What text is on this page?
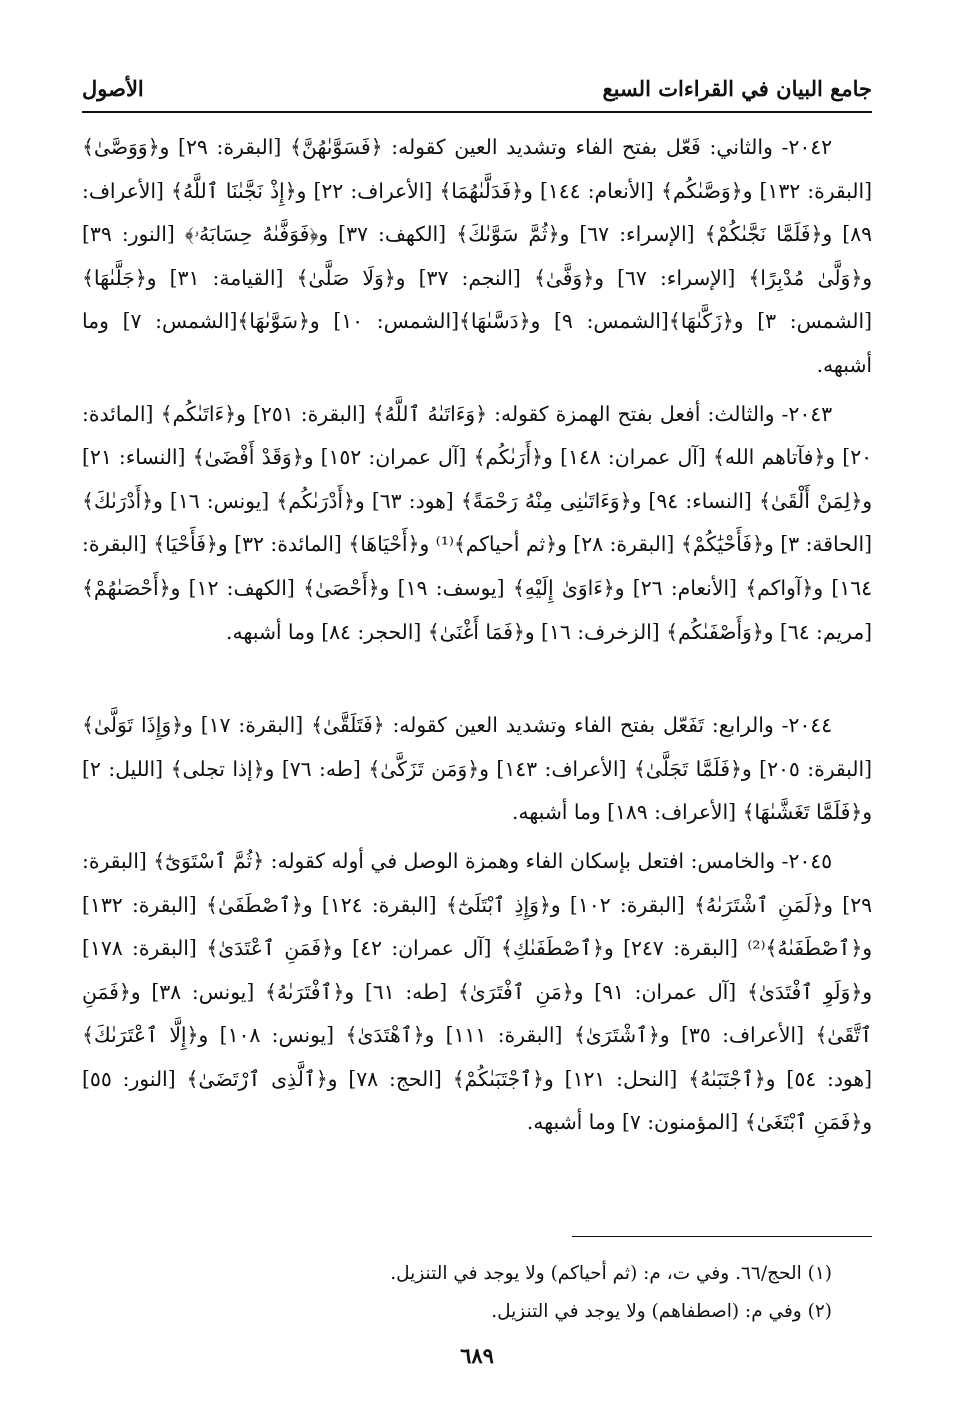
جامع البيان في القراءات السبع
الأصول

٢٠٤٢- والثاني: فَعّل بفتح الفاء وتشديد العين كقوله: ﴿فَسَوَّىٰهُنَّ﴾ [البقرة: ٢٩] و﴿وَوَصَّىٰ﴾ [البقرة: ١٣٢] و﴿وَصَّىٰكُم﴾ [الأنعام: ١٤٤] و﴿فَدَلَّىٰهُمَا﴾ [الأعراف: ٢٢] و﴿إِذْ نَجَّىٰنَا ٱللَّهُ﴾ [الأعراف: ٨٩] و﴿فَلَمَّا نَجَّىٰكُمْ﴾ [الإسراء: ٦٧] و﴿ثُمَّ سَوَّىٰكَ﴾ [الكهف: ٣٧] و﴿فَوَفَّىٰهُ حِسَابَهُۥ﴾ [النور: ٣٩] و﴿وَلَّىٰ مُدْبِرًا﴾ [الإسراء: ٦٧] و﴿وَفَّىٰ﴾ [النجم: ٣٧] و﴿وَلَا صَلَّىٰ﴾ [القيامة: ٣١] و﴿جَلَّىٰهَا﴾ [الشمس: ٣] و﴿زَكَّىٰهَا﴾[الشمس: ٩] و﴿دَسَّىٰهَا﴾[الشمس: ١٠] و﴿سَوَّىٰهَا﴾[الشمس: ٧] وما أشبهه.

٢٠٤٣- والثالث: أفعل بفتح الهمزة كقوله: ﴿وَءَاتَىٰهُ ٱللَّهُ﴾ [البقرة: ٢٥١] و﴿ءَاتَىٰكُم﴾ [المائدة: ٢٠] و﴿فآتاهم الله﴾ [آل عمران: ١٤٨] و﴿أَرَىٰكُم﴾ [آل عمران: ١٥٢] و﴿وَقَدْ أَفْضَىٰ﴾ [النساء: ٢١] و﴿لِمَنْ أَلْقَىٰ﴾ [النساء: ٩٤] و﴿وَءَاتَىٰنِى مِنْهُ رَحْمَةً﴾ [هود: ٦٣] و﴿أَدْرَىٰكُم﴾ [يونس: ١٦] و﴿أَدْرَىٰكَ﴾ [الحاقة: ٣] و﴿فَأَحْيَٰكُمْ﴾ [البقرة: ٢٨] و﴿ثم أحياكم﴾⁽¹⁾ و﴿أَحْيَاهَا﴾ [المائدة: ٣٢] و﴿فَأَحْيَا﴾ [البقرة: ١٦٤] و﴿آواكم﴾ [الأنعام: ٢٦] و﴿ءَاوَىٰ إِلَيْهِ﴾ [يوسف: ١٩] و﴿أَحْصَىٰ﴾ [الكهف: ١٢] و﴿أَحْصَىٰهُمْ﴾ [مريم: ٦٤] و﴿وَأَصْفَىٰكُم﴾ [الزخرف: ١٦] و﴿فَمَا أَغْنَىٰ﴾ [الحجر: ٨٤] وما أشبهه.

٢٠٤٤- والرابع: تَفَعّل بفتح الفاء وتشديد العين كقوله: ﴿فَتَلَقَّىٰ﴾ [البقرة: ١٧] و﴿وَإِذَا تَوَلَّىٰ﴾ [البقرة: ٢٠٥] و﴿فَلَمَّا تَجَلَّىٰ﴾ [الأعراف: ١٤٣] و﴿وَمَن تَزَكَّىٰ﴾ [طه: ٧٦] و﴿إذا تجلى﴾ [الليل: ٢] و﴿فَلَمَّا تَغَشَّىٰهَا﴾ [الأعراف: ١٨٩] وما أشبهه.

٢٠٤٥- والخامس: افتعل بإسكان الفاء وهمزة الوصل في أوله كقوله: ﴿ثُمَّ ٱسْتَوَىٰٓ﴾ [البقرة: ٢٩] و﴿لَمَنِ ٱشْتَرَىٰهُ﴾ [البقرة: ١٠٢] و﴿وَإِذِ ٱبْتَلَىٰٓ﴾ [البقرة: ١٢٤] و﴿ٱصْطَفَىٰ﴾ [البقرة: ١٣٢] و﴿ٱصْطَفَىٰهُ﴾⁽²⁾ [البقرة: ٢٤٧] و﴿ٱصْطَفَىٰكِ﴾ [آل عمران: ٤٢] و﴿فَمَنِ ٱعْتَدَىٰ﴾ [البقرة: ١٧٨] و﴿وَلَوِ ٱفْتَدَىٰ﴾ [آل عمران: ٩١] و﴿مَنِ ٱفْتَرَىٰ﴾ [طه: ٦١] و﴿ٱفْتَرَىٰهُ﴾ [يونس: ٣٨] و﴿فَمَنِ ٱتَّقَىٰ﴾ [الأعراف: ٣٥] و﴿ٱشْتَرَىٰ﴾ [البقرة: ١١١] و﴿ٱهْتَدَىٰ﴾ [يونس: ١٠٨] و﴿إِلَّا ٱعْتَرَىٰكَ﴾ [هود: ٥٤] و﴿ٱجْتَبَىٰهُ﴾ [النحل: ١٢١] و﴿ٱجْتَبَىٰكُمْ﴾ [الحج: ٧٨] و﴿ٱلَّذِى ٱرْتَضَىٰ﴾ [النور: ٥٥] و﴿فَمَنِ ٱبْتَغَىٰ﴾ [المؤمنون: ٧] وما أشبهه.

(١) الحج/٦٦. وفي ت، م: (ثم أحياكم) ولا يوجد في التنزيل.

(٢) وفي م: (اصطفاهم) ولا يوجد في التنزيل.

٦٨٩
